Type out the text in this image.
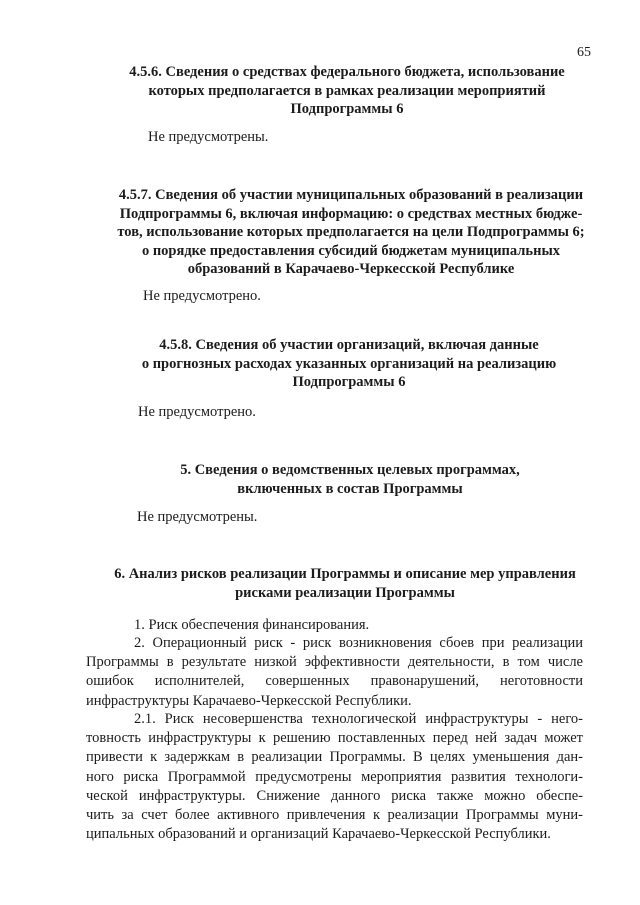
65
4.5.6. Сведения о средствах федерального бюджета, использование
которых предполагается в рамках реализации мероприятий
Подпрограммы 6
Не предусмотрены.
4.5.7. Сведения об участии муниципальных образований в реализации
Подпрограммы 6, включая информацию: о средствах местных бюдже-
тов, использование которых предполагается на цели Подпрограммы 6;
о порядке предоставления субсидий бюджетам муниципальных
образований в Карачаево-Черкесской Республике
Не предусмотрено.
4.5.8. Сведения об участии организаций, включая данные
о прогнозных расходах указанных организаций на реализацию
Подпрограммы 6
Не предусмотрено.
5. Сведения о ведомственных целевых программах,
включенных в состав Программы
Не предусмотрены.
6. Анализ рисков реализации Программы и описание мер управления
рисками реализации Программы
1. Риск обеспечения финансирования.
2. Операционный риск - риск возникновения сбоев при реализации
Программы в результате низкой эффективности деятельности, в том числе
ошибок исполнителей, совершенных правонарушений, неготовности
инфраструктуры Карачаево-Черкесской Республики.
2.1. Риск несовершенства технологической инфраструктуры - него-
товность инфраструктуры к решению поставленных перед ней задач может
привести к задержкам в реализации Программы. В целях уменьшения дан-
ного риска Программой предусмотрены мероприятия развития технологи-
ческой инфраструктуры. Снижение данного риска также можно обеспе-
чить за счет более активного привлечения к реализации Программы муни-
ципальных образований и организаций Карачаево-Черкесской Республики.
